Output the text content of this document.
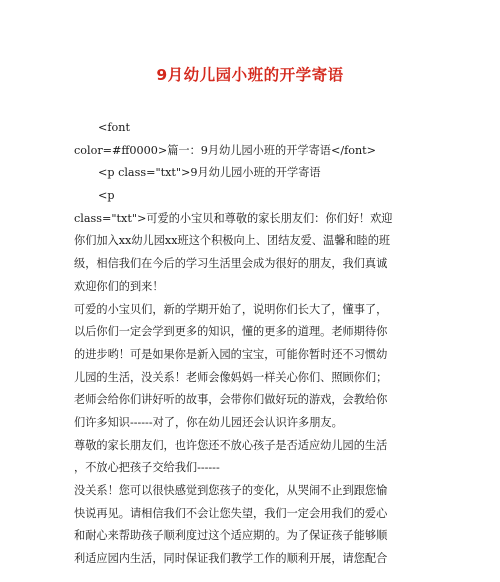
9月幼儿园小班的开学寄语
<font
color=#ff0000>篇一：9月幼儿园小班的开学寄语</font>
<p class="txt">9月幼儿园小班的开学寄语
<p
class="txt">可爱的小宝贝和尊敬的家长朋友们：你们好！欢迎
你们加入xx幼儿园xx班这个积极向上、团结友爱、温馨和睦的班
级，相信我们在今后的学习生活里会成为很好的朋友，我们真诚
欢迎你们的到来！
可爱的小宝贝们，新的学期开始了，说明你们长大了，懂事了，
以后你们一定会学到更多的知识，懂的更多的道理。老师期待你
的进步哟！可是如果你是新入园的宝宝，可能你暂时还不习惯幼
儿园的生活，没关系！老师会像妈妈一样关心你们、照顾你们；
老师会给你们讲好听的故事，会带你们做好玩的游戏，会教给你
们许多知识------对了，你在幼儿园还会认识许多朋友。
尊敬的家长朋友们，也许您还不放心孩子是否适应幼儿园的生活
，不放心把孩子交给我们------
没关系！您可以很快感觉到您孩子的变化，从哭闹不止到跟您愉
快说再见。请相信我们不会让您失望，我们一定会用我们的爱心
和耐心来帮助孩子顺利度过这个适应期的。为了保证孩子能够顺
利适应园内生活，同时保证我们教学工作的顺利开展，请您配合
